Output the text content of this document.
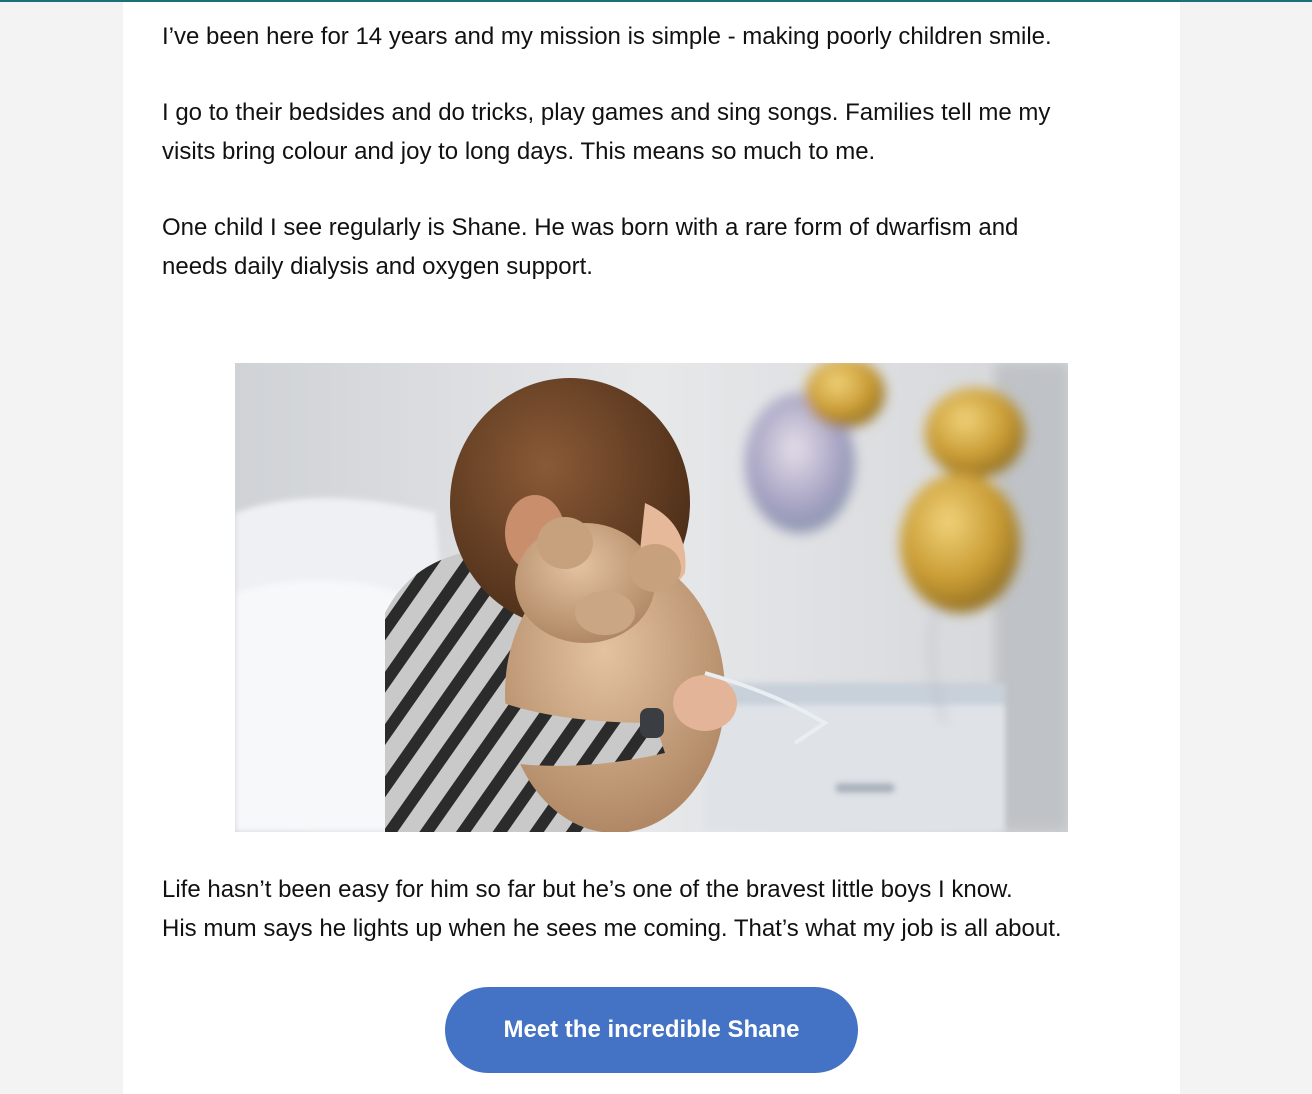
I’ve been here for 14 years and my mission is simple - making poorly children smile.

I go to their bedsides and do tricks, play games and sing songs. Families tell me my
visits bring colour and joy to long days. This means so much to me.

One child I see regularly is Shane. He was born with a rare form of dwarfism and
needs daily dialysis and oxygen support.

Life hasn’t been easy for him so far but he’s one of the bravest little boys I know.
His mum says he lights up when he sees me coming. That’s what my job is all about.

Meet the incredible Shane
